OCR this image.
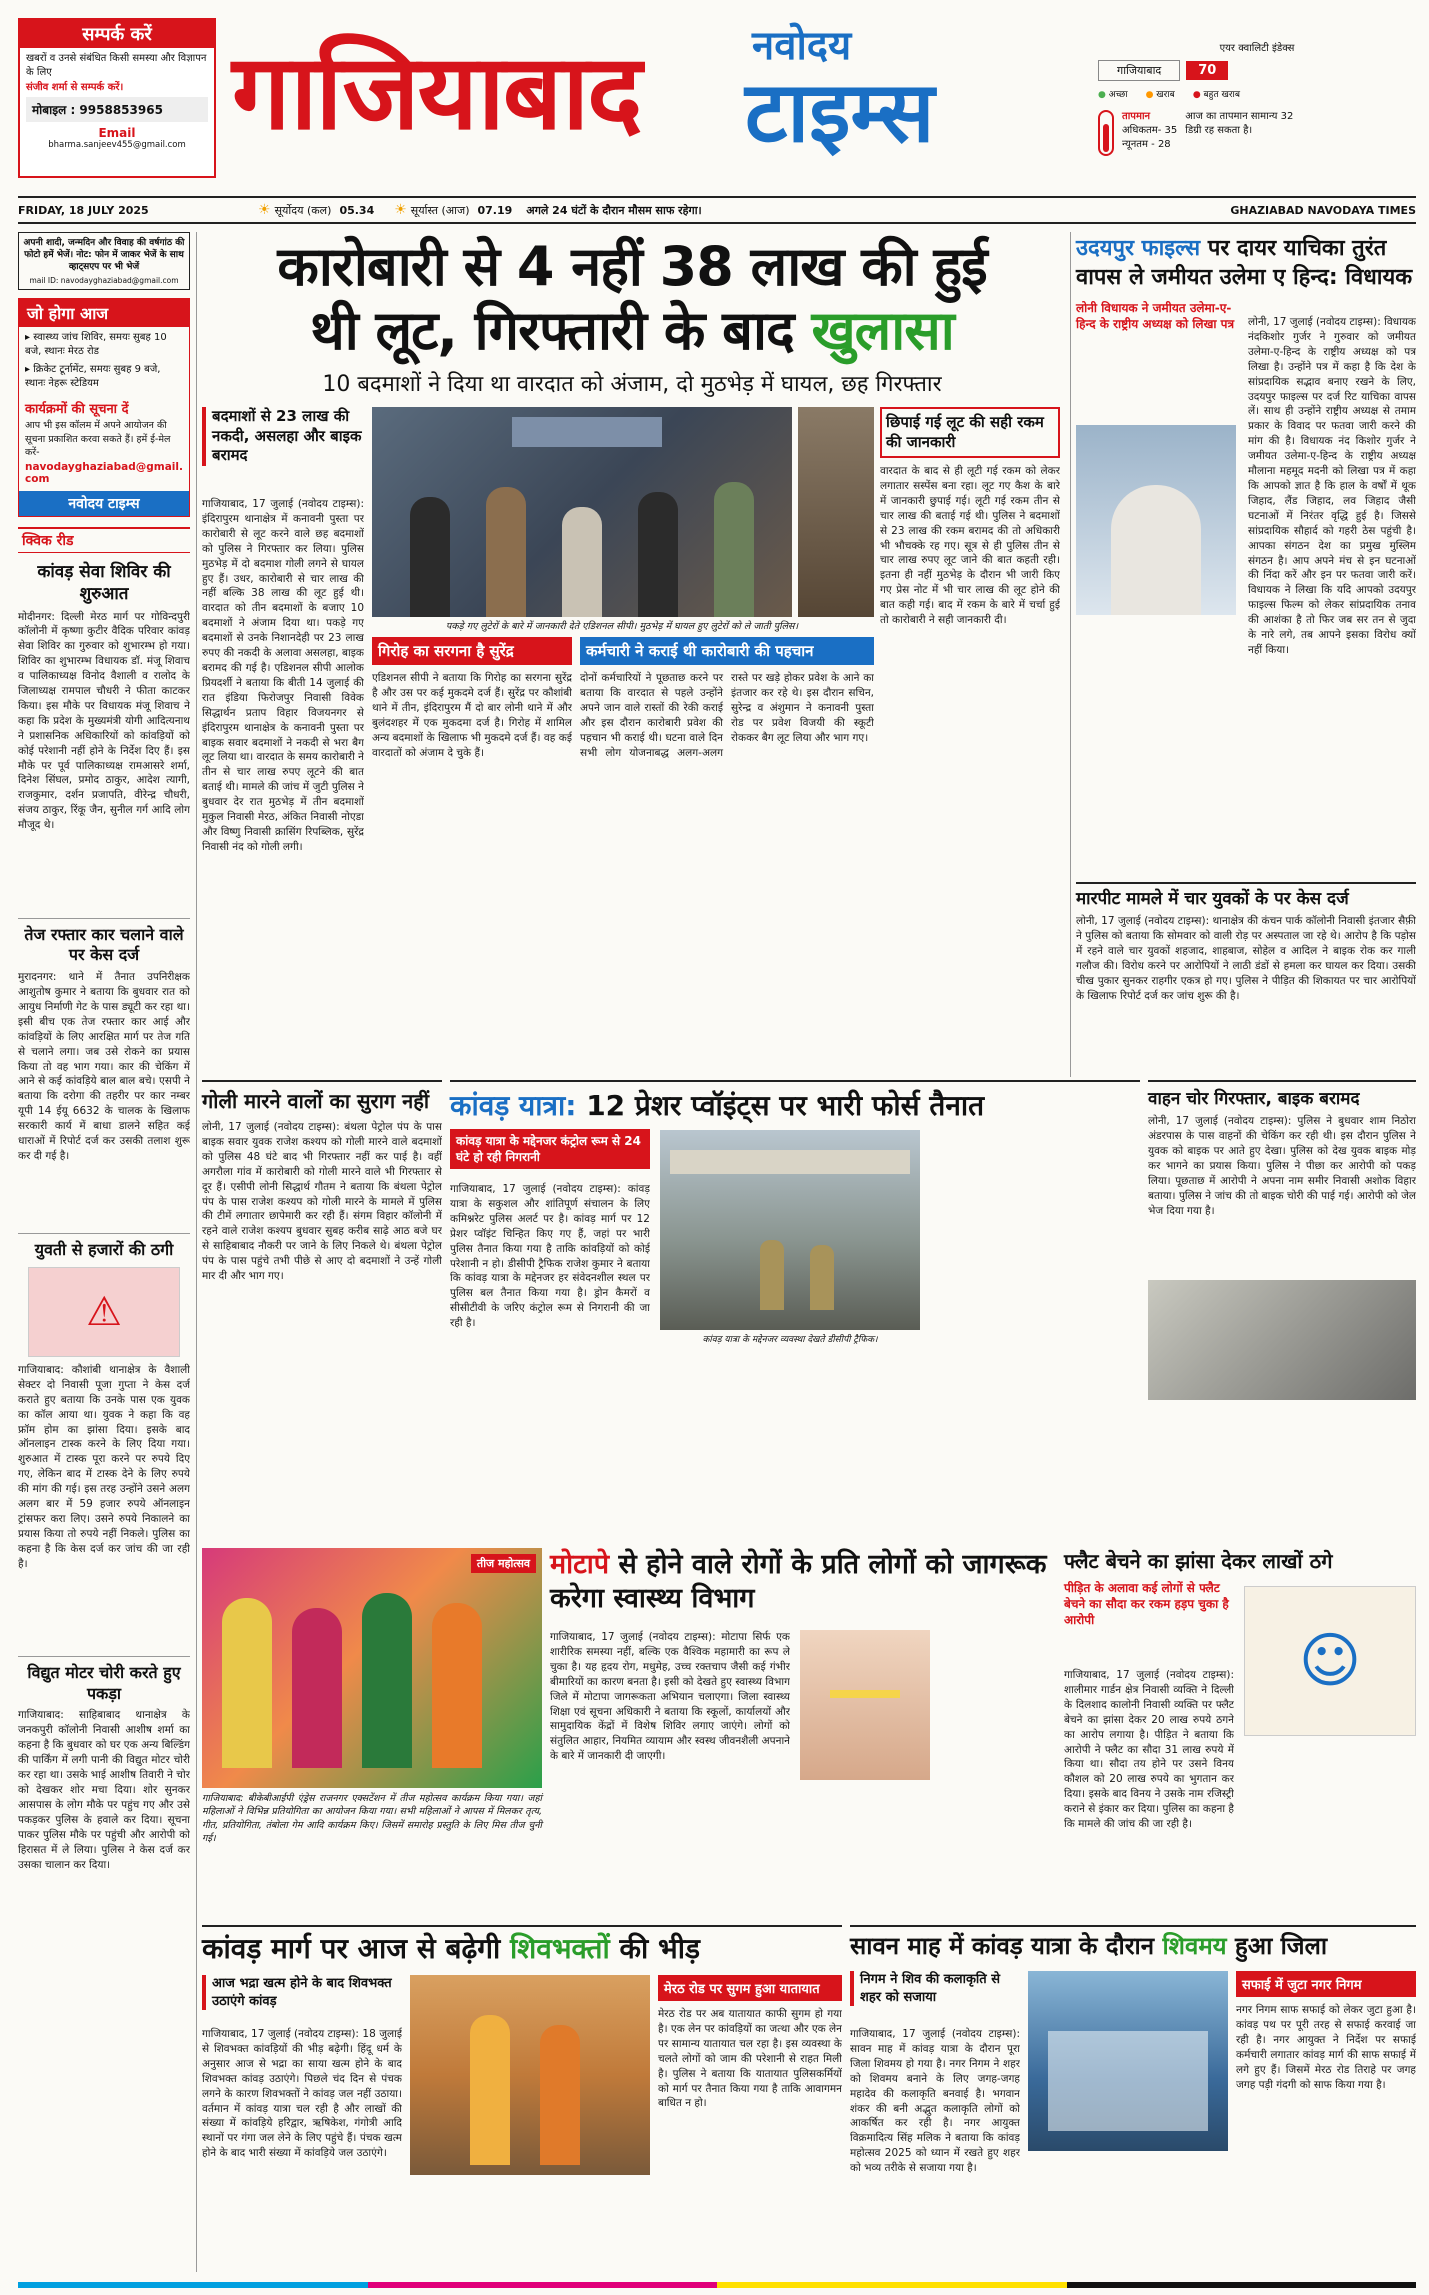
सम्पर्क करें
खबरों व उनसे संबंधित किसी समस्या और विज्ञापन के लिए
संजीव शर्मा से सम्पर्क करें।
मोबाइल : 9958853965
Email
bharma.sanjeev455@gmail.com गाजियाबाद	नवोदय
टाइम्स
एयर क्वालिटी इंडेक्स
गाजियाबाद	70
● अच्छा ● खराब ● बहुत खराब
तापमान
अधिकतम- 35
न्यूनतम - 28
आज का तापमान सामान्य 32 डिग्री रह सकता है।
FRIDAY, 18 JULY 2025	☀ सूर्योदय (कल) 05.34 ☀ सूर्यास्त (आज) 07.19 अगले 24 घंटों के दौरान मौसम साफ रहेगा।	GHAZIABAD NAVODAYA TIMES
अपनी शादी, जन्मदिन और विवाह की वर्षगांठ की फोटो हमें भेजें। नोट: फोन में जाकर भेजें के साथ व्हाट्सएप पर भी भेजें
mail ID: navodayghaziabad@gmail.com
जो होगा आज
▸ स्वास्थ्य जांच शिविर, समयः सुबह 10 बजे, स्थानः मेरठ रोड
▸ क्रिकेट टूर्नामेंट, समयः सुबह 9 बजे, स्थानः नेहरू स्टेडियम
कार्यक्रमों की सूचना दें
आप भी इस कॉलम में अपने आयोजन की सूचना प्रकाशित करवा सकते हैं। हमें ई-मेल करें-
navodayghaziabad@gmail.com
नवोदय टाइम्स
क्विक रीड
कांवड़ सेवा शिविर की शुरुआत
मोदीनगर: दिल्ली मेरठ मार्ग पर गोविन्दपुरी कॉलोनी में कृष्णा कुटीर वैदिक परिवार कांवड़ सेवा शिविर का गुरुवार को शुभारम्भ हो गया। शिविर का शुभारम्भ विधायक डॉ. मंजू शिवाच व पालिकाध्यक्ष विनोद वैशाली व रालोद के जिलाध्यक्ष रामपाल चौधरी ने फीता काटकर किया। इस मौके पर विधायक मंजू शिवाच ने कहा कि प्रदेश के मुख्यमंत्री योगी आदित्यनाथ ने प्रशासनिक अधिकारियों को कांवड़ियों को कोई परेशानी नहीं होने के निर्देश दिए हैं। इस मौके पर पूर्व पालिकाध्यक्ष रामआसरे शर्मा, दिनेश सिंघल, प्रमोद ठाकुर, आदेश त्यागी, राजकुमार, दर्शन प्रजापति, वीरेन्द्र चौधरी, संजय ठाकुर, रिंकू जैन, सुनील गर्ग आदि लोग मौजूद थे।
तेज रफ्तार कार चलाने वाले पर केस दर्ज
मुरादनगर: थाने में तैनात उपनिरीक्षक आशुतोष कुमार ने बताया कि बुधवार रात को आयुध निर्माणी गेट के पास ड्यूटी कर रहा था। इसी बीच एक तेज रफ्तार कार आई और कांवड़ियों के लिए आरक्षित मार्ग पर तेज गति से चलाने लगा। जब उसे रोकने का प्रयास किया तो वह भाग गया। कार की चेकिंग में आने से कई कांवड़िये बाल बाल बचे। एसपी ने बताया कि दरोगा की तहरीर पर कार नम्बर यूपी 14 ईयू 6632 के चालक के खिलाफ सरकारी कार्य में बाधा डालने सहित कई धाराओं में रिपोर्ट दर्ज कर उसकी तलाश शुरू कर दी गई है।
युवती से हजारों की ठगी
⚠
गाजियाबाद: कौशांबी थानाक्षेत्र के वैशाली सेक्टर दो निवासी पूजा गुप्ता ने केस दर्ज कराते हुए बताया कि उनके पास एक युवक का कॉल आया था। युवक ने कहा कि वह फ्रॉम होम का झांसा दिया। इसके बाद ऑनलाइन टास्क करने के लिए दिया गया। शुरुआत में टास्क पूरा करने पर रुपये दिए गए, लेकिन बाद में टास्क देने के लिए रुपये की मांग की गई। इस तरह उन्होंने उसने अलग अलग बार में 59 हजार रुपये ऑनलाइन ट्रांसफर करा लिए। उसने रुपये निकालने का प्रयास किया तो रुपये नहीं निकले। पुलिस का कहना है कि केस दर्ज कर जांच की जा रही है।
विद्युत मोटर चोरी करते हुए पकड़ा
गाजियाबाद: साहिबाबाद थानाक्षेत्र के जनकपुरी कॉलोनी निवासी आशीष शर्मा का कहना है कि बुधवार को घर एक अन्य बिल्डिंग की पार्किंग में लगी पानी की विद्युत मोटर चोरी कर रहा था। उसके भाई आशीष तिवारी ने चोर को देखकर शोर मचा दिया। शोर सुनकर आसपास के लोग मौके पर पहुंच गए और उसे पकड़कर पुलिस के हवाले कर दिया। सूचना पाकर पुलिस मौके पर पहुंची और आरोपी को हिरासत में ले लिया। पुलिस ने केस दर्ज कर उसका चालान कर दिया।
कारोबारी से 4 नहीं 38 लाख की हुई
थी लूट, गिरफ्तारी के बाद खुलासा
10 बदमाशों ने दिया था वारदात को अंजाम, दो मुठभेड़ में घायल, छह गिरफ्तार
बदमाशों से 23 लाख की नकदी, असलहा और बाइक बरामद
गाजियाबाद, 17 जुलाई (नवोदय टाइम्स): इंदिरापुरम थानाक्षेत्र में कनावनी पुस्ता पर कारोबारी से लूट करने वाले छह बदमाशों को पुलिस ने गिरफ्तार कर लिया। पुलिस मुठभेड़ में दो बदमाश गोली लगने से घायल हुए हैं। उधर, कारोबारी से चार लाख की नहीं बल्कि 38 लाख की लूट हुई थी। वारदात को तीन बदमाशों के बजाए 10 बदमाशों ने अंजाम दिया था। पकड़े गए बदमाशों से उनके निशानदेही पर 23 लाख रुपए की नकदी के अलावा असलहा, बाइक बरामद की गई है। एडिशनल सीपी आलोक प्रियदर्शी ने बताया कि बीती 14 जुलाई की रात इंडिया फिरोजपुर निवासी विवेक सिद्धार्थन प्रताप विहार विजयनगर से इंदिरापुरम थानाक्षेत्र के कनावनी पुस्ता पर बाइक सवार बदमाशों ने नकदी से भरा बैग लूट लिया था। वारदात के समय कारोबारी ने तीन से चार लाख रुपए लूटने की बात बताई थी। मामले की जांच में जुटी पुलिस ने बुधवार देर रात मुठभेड़ में तीन बदमाशों मुकुल निवासी मेरठ, अंकित निवासी नोएडा और विष्णु निवासी क्रासिंग रिपब्लिक, सुरेंद्र निवासी नंद को गोली लगी।
पकड़े गए लुटेरों के बारे में जानकारी देते एडिशनल सीपी। मुठभेड़ में घायल हुए लुटेरों को ले जाती पुलिस।
छिपाई गई लूट की सही रकम की जानकारी
वारदात के बाद से ही लूटी गई रकम को लेकर लगातार सस्पेंस बना रहा। लूट गए कैश के बारे में जानकारी छुपाई गई। लूटी गई रकम तीन से चार लाख की बताई गई थी। पुलिस ने बदमाशों से 23 लाख की रकम बरामद की तो अधिकारी भी भौचक्के रह गए। सूत्र से ही पुलिस तीन से चार लाख रुपए लूट जाने की बात कहती रही। इतना ही नहीं मुठभेड़ के दौरान भी जारी किए गए प्रेस नोट में भी चार लाख की लूट होने की बात कही गई। बाद में रकम के बारे में चर्चा हुई तो कारोबारी ने सही जानकारी दी।
गिरोह का सरगना है सुरेंद्र
एडिशनल सीपी ने बताया कि गिरोह का सरगना सुरेंद्र है और उस पर कई मुकदमे दर्ज हैं। सुरेंद्र पर कौशांबी थाने में तीन, इंदिरापुरम मैं दो बार लोनी थाने में और बुलंदशहर में एक मुकदमा दर्ज है। गिरोह में शामिल अन्य बदमाशों के खिलाफ भी मुकदमे दर्ज हैं। वह कई वारदातों को अंजाम दे चुके हैं।
कर्मचारी ने कराई थी कारोबारी की पहचान
दोनों कर्मचारियों ने पूछताछ करने पर बताया कि वारदात से पहले उन्होंने अपने जान वाले रास्तों की रेकी कराई और इस दौरान कारोबारी प्रवेश की पहचान भी कराई थी। घटना वाले दिन सभी लोग योजनाबद्ध अलग-अलग रास्ते पर खड़े होकर प्रवेश के आने का इंतजार कर रहे थे। इस दौरान सचिन, सुरेन्द्र व अंशुमान ने कनावनी पुस्ता रोड पर प्रवेश विजयी की स्कूटी रोककर बैग लूट लिया और भाग गए।
उदयपुर फाइल्स पर दायर याचिका तुरंत वापस ले जमीयत उलेमा ए हिन्द: विधायक
लोनी विधायक ने जमीयत उलेमा-ए-हिन्द के राष्ट्रीय अध्यक्ष को लिखा पत्र	लोनी, 17 जुलाई (नवोदय टाइम्स): विधायक नंदकिशोर गुर्जर ने गुरुवार को जमीयत उलेमा-ए-हिन्द के राष्ट्रीय अध्यक्ष को पत्र लिखा है। उन्होंने पत्र में कहा है कि देश के सांप्रदायिक सद्भाव बनाए रखने के लिए, उदयपुर फाइल्स पर दर्ज रिट याचिका वापस लें। साथ ही उन्होंने राष्ट्रीय अध्यक्ष से तमाम प्रकार के विवाद पर फतवा जारी करने की मांग की है। विधायक नंद किशोर गुर्जर ने जमीयत उलेमा-ए-हिन्द के राष्ट्रीय अध्यक्ष मौलाना महमूद मदनी को लिखा पत्र में कहा कि आपको ज्ञात है कि हाल के वर्षों में थूक जिहाद, लैंड जिहाद, लव जिहाद जैसी घटनाओं में निरंतर वृद्धि हुई है। जिससे सांप्रदायिक सौहार्द को गहरी ठेस पहुंची है। आपका संगठन देश का प्रमुख मुस्लिम संगठन है। आप अपने मंच से इन घटनाओं की निंदा करें और इन पर फतवा जारी करें। विधायक ने लिखा कि यदि आपको उदयपुर फाइल्स फिल्म को लेकर सांप्रदायिक तनाव की आशंका है तो फिर जब सर तन से जुदा के नारे लगे, तब आपने इसका विरोध क्यों नहीं किया।
मारपीट मामले में चार युवकों के पर केस दर्ज
लोनी, 17 जुलाई (नवोदय टाइम्स): थानाक्षेत्र की कंचन पार्क कॉलोनी निवासी इंतजार सैफ़ी ने पुलिस को बताया कि सोमवार को वाली रोड़ पर अस्पताल जा रहे थे। आरोप है कि पड़ोस में रहने वाले चार युवकों शहजाद, शाहबाज, सोहेल व आदिल ने बाइक रोक कर गाली गलौज की। विरोध करने पर आरोपियों ने लाठी डंडों से हमला कर घायल कर दिया। उसकी चीख पुकार सुनकर राहगीर एकत्र हो गए। पुलिस ने पीड़ित की शिकायत पर चार आरोपियों के खिलाफ रिपोर्ट दर्ज कर जांच शुरू की है।
गोली मारने वालों का सुराग नहीं
लोनी, 17 जुलाई (नवोदय टाइम्स): बंथला पेट्रोल पंप के पास बाइक सवार युवक राजेश कश्यप को गोली मारने वाले बदमाशों को पुलिस 48 घंटे बाद भी गिरफ्तार नहीं कर पाई है। वहीं अगरौला गांव में कारोबारी को गोली मारने वाले भी गिरफ्तार से दूर हैं। एसीपी लोनी सिद्धार्थ गौतम ने बताया कि बंथला पेट्रोल पंप के पास राजेश कश्यप को गोली मारने के मामले में पुलिस की टीमें लगातार छापेमारी कर रही हैं। संगम विहार कॉलोनी में रहने वाले राजेश कश्यप बुधवार सुबह करीब साढ़े आठ बजे घर से साहिबाबाद नौकरी पर जाने के लिए निकले थे। बंथला पेट्रोल पंप के पास पहुंचे तभी पीछे से आए दो बदमाशों ने उन्हें गोली मार दी और भाग गए।
कांवड़ यात्रा: 12 प्रेशर प्वॉइंट्स पर भारी फोर्स तैनात
कांवड़ यात्रा के मद्देनजर कंट्रोल रूम से 24 घंटे हो रही निगरानी
गाजियाबाद, 17 जुलाई (नवोदय टाइम्स): कांवड़ यात्रा के सकुशल और शांतिपूर्ण संचालन के लिए कमिश्नरेट पुलिस अलर्ट पर है। कांवड़ मार्ग पर 12 प्रेशर प्वॉइंट चिन्हित किए गए हैं, जहां पर भारी पुलिस तैनात किया गया है ताकि कांवड़ियों को कोई परेशानी न हो। डीसीपी ट्रैफिक राजेश कुमार ने बताया कि कांवड़ यात्रा के मद्देनजर हर संवेदनशील स्थल पर पुलिस बल तैनात किया गया है। ड्रोन कैमरों व सीसीटीवी के जरिए कंट्रोल रूम से निगरानी की जा रही है।
कांवड़ यात्रा के मद्देनजर व्यवस्था देखते डीसीपी ट्रैफिक।
वाहन चोर गिरफ्तार, बाइक बरामद
लोनी, 17 जुलाई (नवोदय टाइम्स): पुलिस ने बुधवार शाम निठोरा अंडरपास के पास वाहनों की चेकिंग कर रही थी। इस दौरान पुलिस ने युवक को बाइक पर आते हुए देखा। पुलिस को देख युवक बाइक मोड़ कर भागने का प्रयास किया। पुलिस ने पीछा कर आरोपी को पकड़ लिया। पूछताछ में आरोपी ने अपना नाम समीर निवासी अशोक विहार बताया। पुलिस ने जांच की तो बाइक चोरी की पाई गई। आरोपी को जेल भेज दिया गया है।
तीज महोत्सव
गाजियाबाद: बीकेबीआईपी एंड्रेस राजनगर एक्सटेंशन में तीज महोत्सव कार्यक्रम किया गया। जहां महिलाओं ने विभिन्न प्रतियोगिता का आयोजन किया गया। सभी महिलाओं ने आपस में मिलकर तृत्य, गीत, प्रतियोगिता, तंबोला गेम आदि कार्यक्रम किए। जिसमें समारोह प्रस्तुति के लिए मिस तीज चुनी गई।
मोटापे से होने वाले रोगों के प्रति लोगों को जागरूक करेगा स्वास्थ्य विभाग
गाजियाबाद, 17 जुलाई (नवोदय टाइम्स): मोटापा सिर्फ एक शारीरिक समस्या नहीं, बल्कि एक वैश्विक महामारी का रूप ले चुका है। यह हृदय रोग, मधुमेह, उच्च रक्तचाप जैसी कई गंभीर बीमारियों का कारण बनता है। इसी को देखते हुए स्वास्थ्य विभाग जिले में मोटापा जागरूकता अभियान चलाएगा। जिला स्वास्थ्य शिक्षा एवं सूचना अधिकारी ने बताया कि स्कूलों, कार्यालयों और सामुदायिक केंद्रों में विशेष शिविर लगाए जाएंगे। लोगों को संतुलित आहार, नियमित व्यायाम और स्वस्थ जीवनशैली अपनाने के बारे में जानकारी दी जाएगी।
फ्लैट बेचने का झांसा देकर लाखों ठगे
पीड़ित के अलावा कई लोगों से फ्लैट बेचने का सौदा कर रकम हड़प चुका है आरोपी
गाजियाबाद, 17 जुलाई (नवोदय टाइम्स): शालीमार गार्डन क्षेत्र निवासी व्यक्ति ने दिल्ली के दिलशाद कालोनी निवासी व्यक्ति पर फ्लैट बेचने का झांसा देकर 20 लाख रुपये ठगने का आरोप लगाया है। पीड़ित ने बताया कि आरोपी ने फ्लैट का सौदा 31 लाख रुपये में किया था। सौदा तय होने पर उसने विनय कौशल को 20 लाख रुपये का भुगतान कर दिया। इसके बाद विनय ने उसके नाम रजिस्ट्री कराने से इंकार कर दिया। पुलिस का कहना है कि मामले की जांच की जा रही है।
☺
कांवड़ मार्ग पर आज से बढ़ेगी शिवभक्तों की भीड़
आज भद्रा खत्म होने के बाद शिवभक्त उठाएंगे कांवड़
गाजियाबाद, 17 जुलाई (नवोदय टाइम्स): 18 जुलाई से शिवभक्त कांवड़ियों की भीड़ बढ़ेगी। हिंदू धर्म के अनुसार आज से भद्रा का साया खत्म होने के बाद शिवभक्त कांवड़ उठाएंगे। पिछले चंद दिन से पंचक लगने के कारण शिवभक्तों ने कांवड़ जल नहीं उठाया। वर्तमान में कांवड़ यात्रा चल रही है और लाखों की संख्या में कांवड़िये हरिद्वार, ऋषिकेश, गंगोत्री आदि स्थानों पर गंगा जल लेने के लिए पहुंचे हैं। पंचक खत्म होने के बाद भारी संख्या में कांवड़िये जल उठाएंगे।
मेरठ रोड पर सुगम हुआ यातायात
मेरठ रोड पर अब यातायात काफी सुगम हो गया है। एक लेन पर कांवड़ियों का जत्था और एक लेन पर सामान्य यातायात चल रहा है। इस व्यवस्था के चलते लोगों को जाम की परेशानी से राहत मिली है। पुलिस ने बताया कि यातायात पुलिसकर्मियों को मार्ग पर तैनात किया गया है ताकि आवागमन बाधित न हो।
सावन माह में कांवड़ यात्रा के दौरान शिवमय हुआ जिला
निगम ने शिव की कलाकृति से शहर को सजाया
गाजियाबाद, 17 जुलाई (नवोदय टाइम्स): सावन माह में कांवड़ यात्रा के दौरान पूरा जिला शिवमय हो गया है। नगर निगम ने शहर को शिवमय बनाने के लिए जगह-जगह महादेव की कलाकृति बनवाई है। भगवान शंकर की बनी अद्भुत कलाकृति लोगों को आकर्षित कर रही है। नगर आयुक्त विक्रमादित्य सिंह मलिक ने बताया कि कांवड़ महोत्सव 2025 को ध्यान में रखते हुए शहर को भव्य तरीके से सजाया गया है।
सफाई में जुटा नगर निगम
नगर निगम साफ सफाई को लेकर जुटा हुआ है। कांवड़ पथ पर पूरी तरह से सफाई करवाई जा रही है। नगर आयुक्त ने निर्देश पर सफाई कर्मचारी लगातार कांवड़ मार्ग की साफ सफाई में लगे हुए हैं। जिसमें मेरठ रोड तिराहे पर जगह जगह पड़ी गंदगी को साफ किया गया है।
